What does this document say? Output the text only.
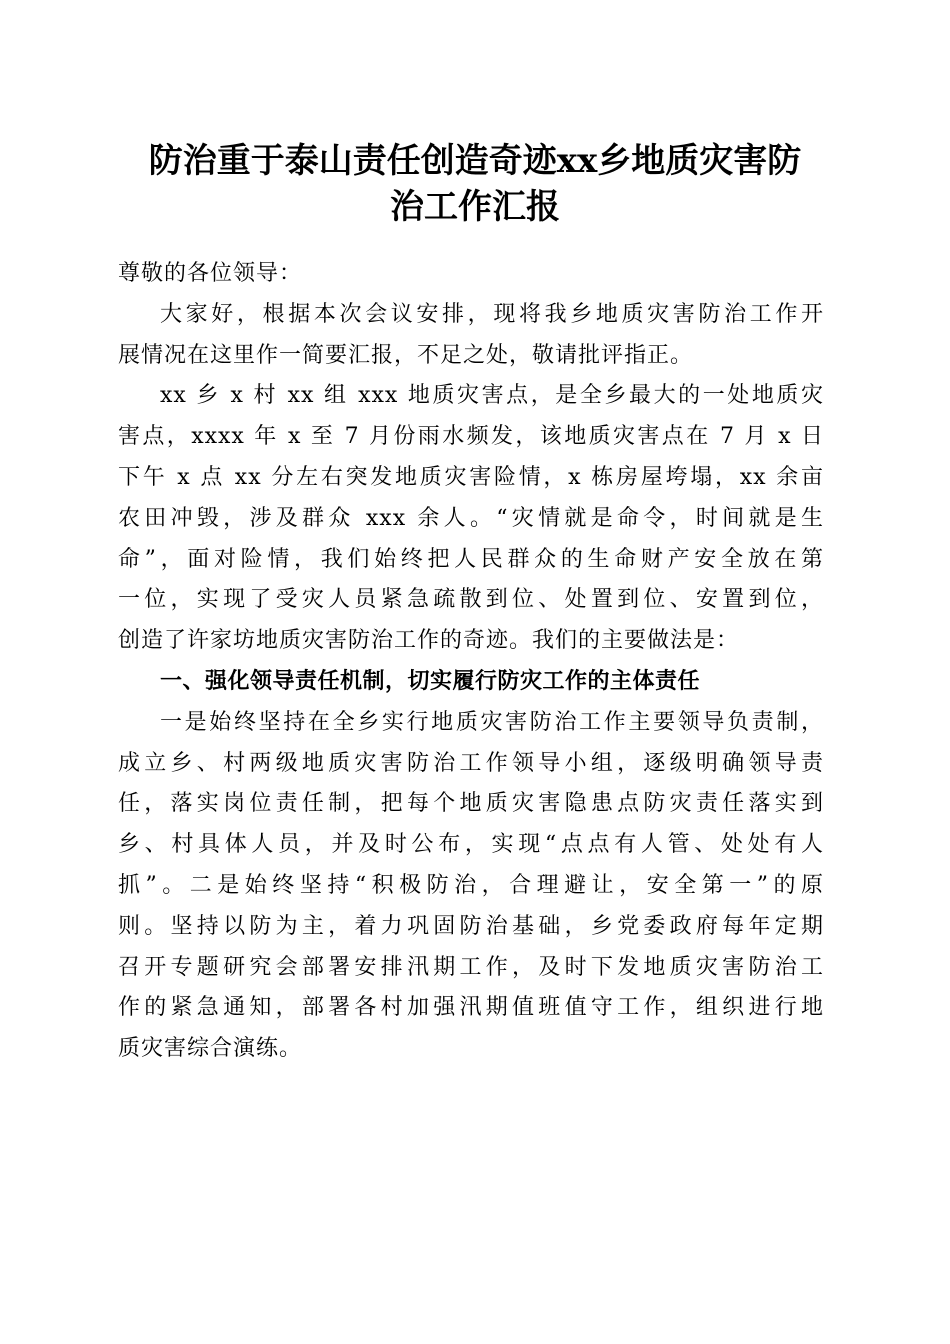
防治重于泰山责任创造奇迹xx乡地质灾害防
治工作汇报
尊敬的各位领导：
大家好，根据本次会议安排，现将我乡地质灾害防治工作开
展情况在这里作一简要汇报，不足之处，敬请批评指正。
xx 乡 x 村 xx 组 xxx 地质灾害点，是全乡最大的一处地质灾
害点，xxxx 年 x 至 7 月份雨水频发，该地质灾害点在 7 月 x 日
下午 x 点 xx 分左右突发地质灾害险情，x 栋房屋垮塌，xx 余亩
农田冲毁，涉及群众 xxx 余人。“灾情就是命令，时间就是生
命”，面对险情，我们始终把人民群众的生命财产安全放在第
一位，实现了受灾人员紧急疏散到位、处置到位、安置到位，
创造了许家坊地质灾害防治工作的奇迹。我们的主要做法是：
一、强化领导责任机制，切实履行防灾工作的主体责任
一是始终坚持在全乡实行地质灾害防治工作主要领导负责制，
成立乡、村两级地质灾害防治工作领导小组，逐级明确领导责
任，落实岗位责任制，把每个地质灾害隐患点防灾责任落实到
乡、村具体人员，并及时公布，实现“点点有人管、处处有人
抓”。二是始终坚持“积极防治，合理避让，安全第一”的原
则。坚持以防为主，着力巩固防治基础，乡党委政府每年定期
召开专题研究会部署安排汛期工作，及时下发地质灾害防治工
作的紧急通知，部署各村加强汛期值班值守工作，组织进行地
质灾害综合演练。
